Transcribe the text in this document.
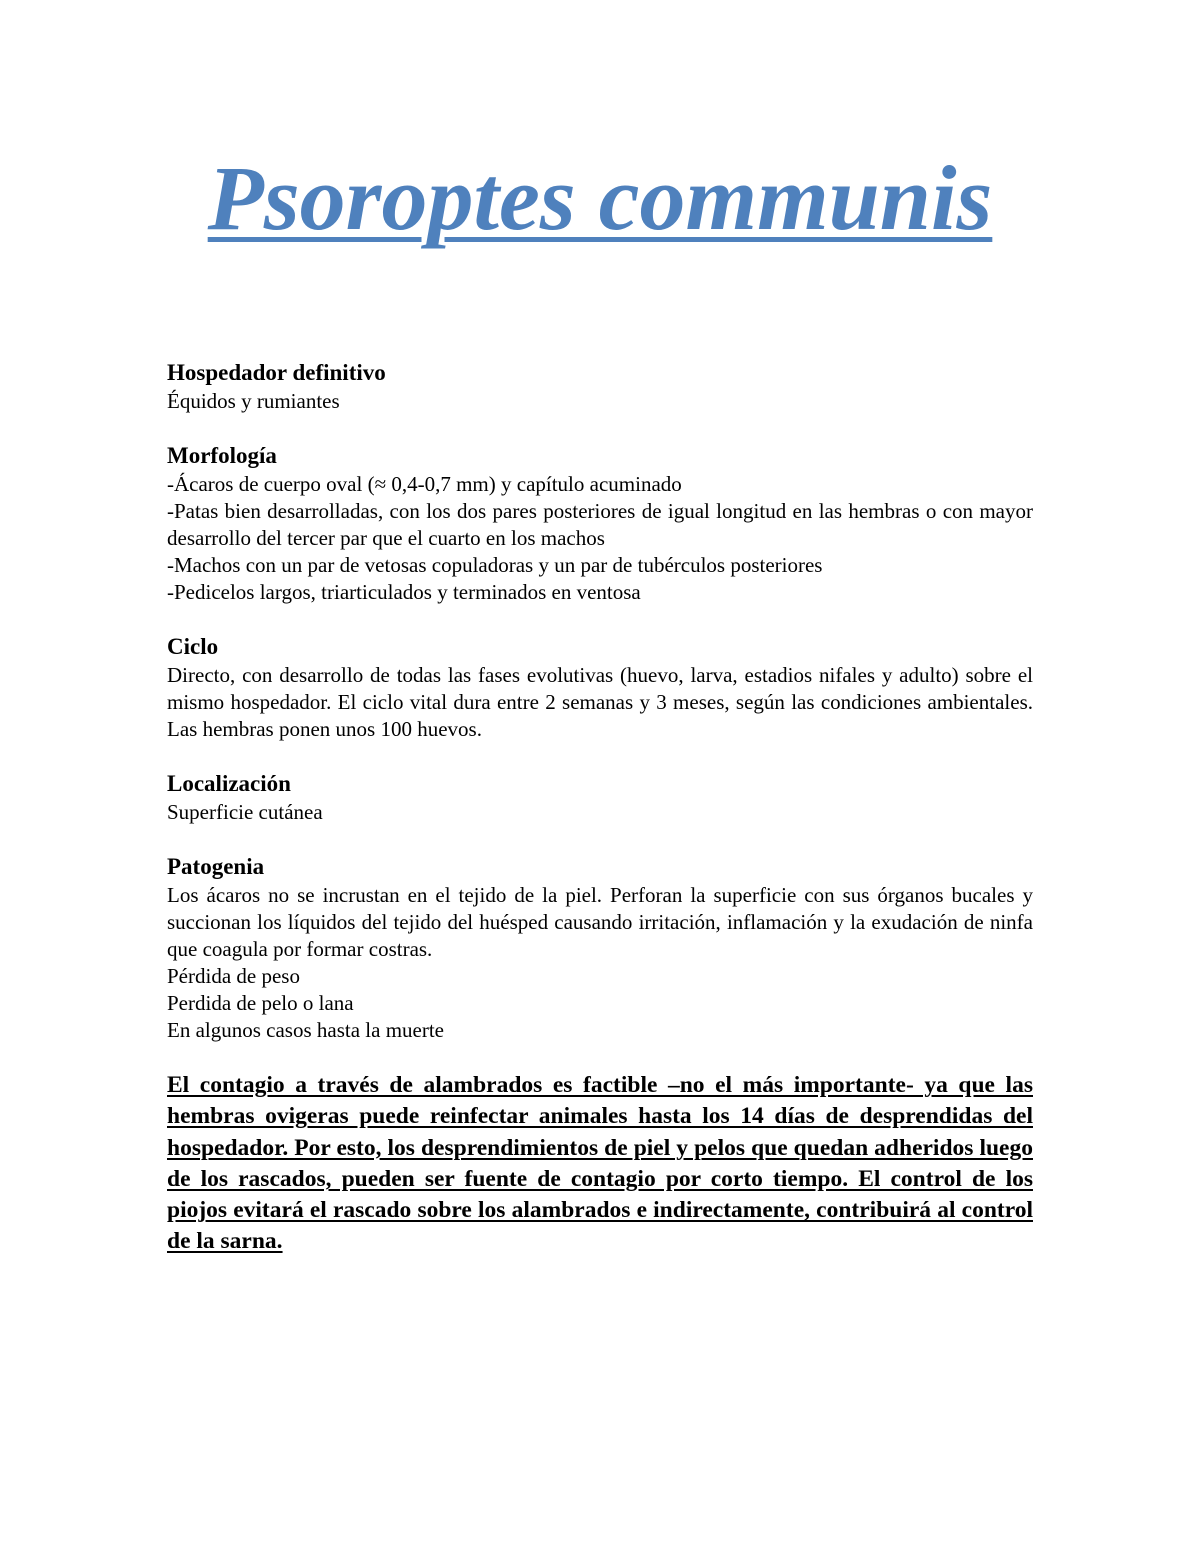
Psoroptes communis

Hospedador definitivo

Équidos y rumiantes

Morfología

-Ácaros de cuerpo oval (≈ 0,4-0,7 mm) y capítulo acuminado

-Patas bien desarrolladas, con los dos pares posteriores de igual longitud en las hembras o con mayor desarrollo del tercer par que el cuarto en los machos

-Machos con un par de vetosas copuladoras y un par de tubérculos posteriores

-Pedicelos largos, triarticulados y terminados en ventosa

Ciclo

Directo, con desarrollo de todas las fases evolutivas (huevo, larva, estadios nifales y adulto) sobre el mismo hospedador. El ciclo vital dura entre 2 semanas y 3 meses, según las condiciones ambientales. Las hembras ponen unos 100 huevos.

Localización

Superficie cutánea

Patogenia

Los ácaros no se incrustan en el tejido de la piel. Perforan la superficie con sus órganos bucales y succionan los líquidos del tejido del huésped causando irritación, inflamación y la exudación de ninfa que coagula por formar costras.

Pérdida de peso

Perdida de pelo o lana

En algunos casos hasta la muerte

El contagio a través de alambrados es factible –no el más importante- ya que las hembras ovigeras puede reinfectar animales hasta los 14 días de desprendidas del hospedador. Por esto, los desprendimientos de piel y pelos que quedan adheridos luego de los rascados, pueden ser fuente de contagio por corto tiempo. El control de los piojos evitará el rascado sobre los alambrados e indirectamente, contribuirá al control de la sarna.
